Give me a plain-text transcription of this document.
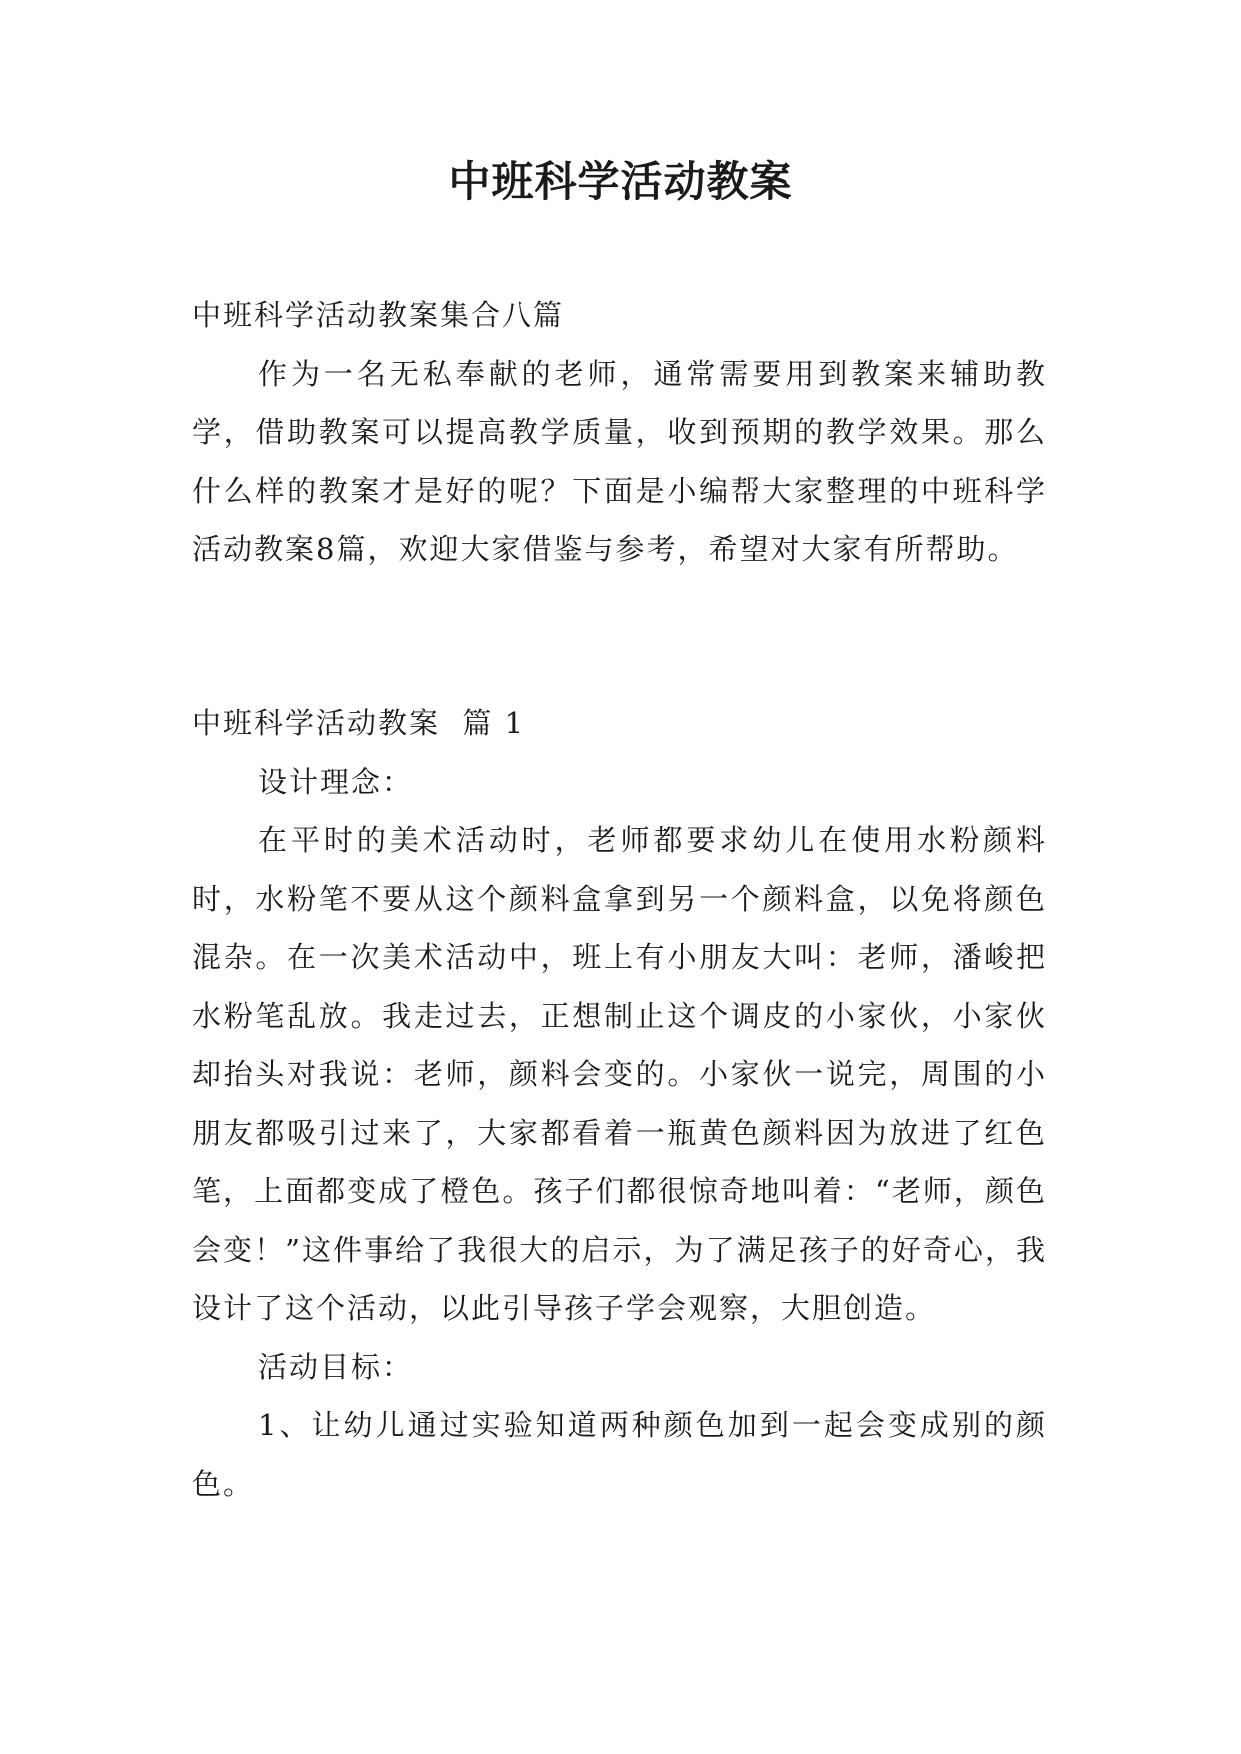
中班科学活动教案

中班科学活动教案集合八篇

作为一名无私奉献的老师，通常需要用到教案来辅助教学，借助教案可以提高教学质量，收到预期的教学效果。那么什么样的教案才是好的呢？下面是小编帮大家整理的中班科学活动教案8篇，欢迎大家借鉴与参考，希望对大家有所帮助。

中班科学活动教案  篇 1

设计理念：

在平时的美术活动时，老师都要求幼儿在使用水粉颜料时，水粉笔不要从这个颜料盒拿到另一个颜料盒，以免将颜色混杂。在一次美术活动中，班上有小朋友大叫：老师，潘峻把水粉笔乱放。我走过去，正想制止这个调皮的小家伙，小家伙却抬头对我说：老师，颜料会变的。小家伙一说完，周围的小朋友都吸引过来了，大家都看着一瓶黄色颜料因为放进了红色笔，上面都变成了橙色。孩子们都很惊奇地叫着：“老师，颜色会变！”这件事给了我很大的启示，为了满足孩子的好奇心，我设计了这个活动，以此引导孩子学会观察，大胆创造。

活动目标：

1、让幼儿通过实验知道两种颜色加到一起会变成别的颜色。
